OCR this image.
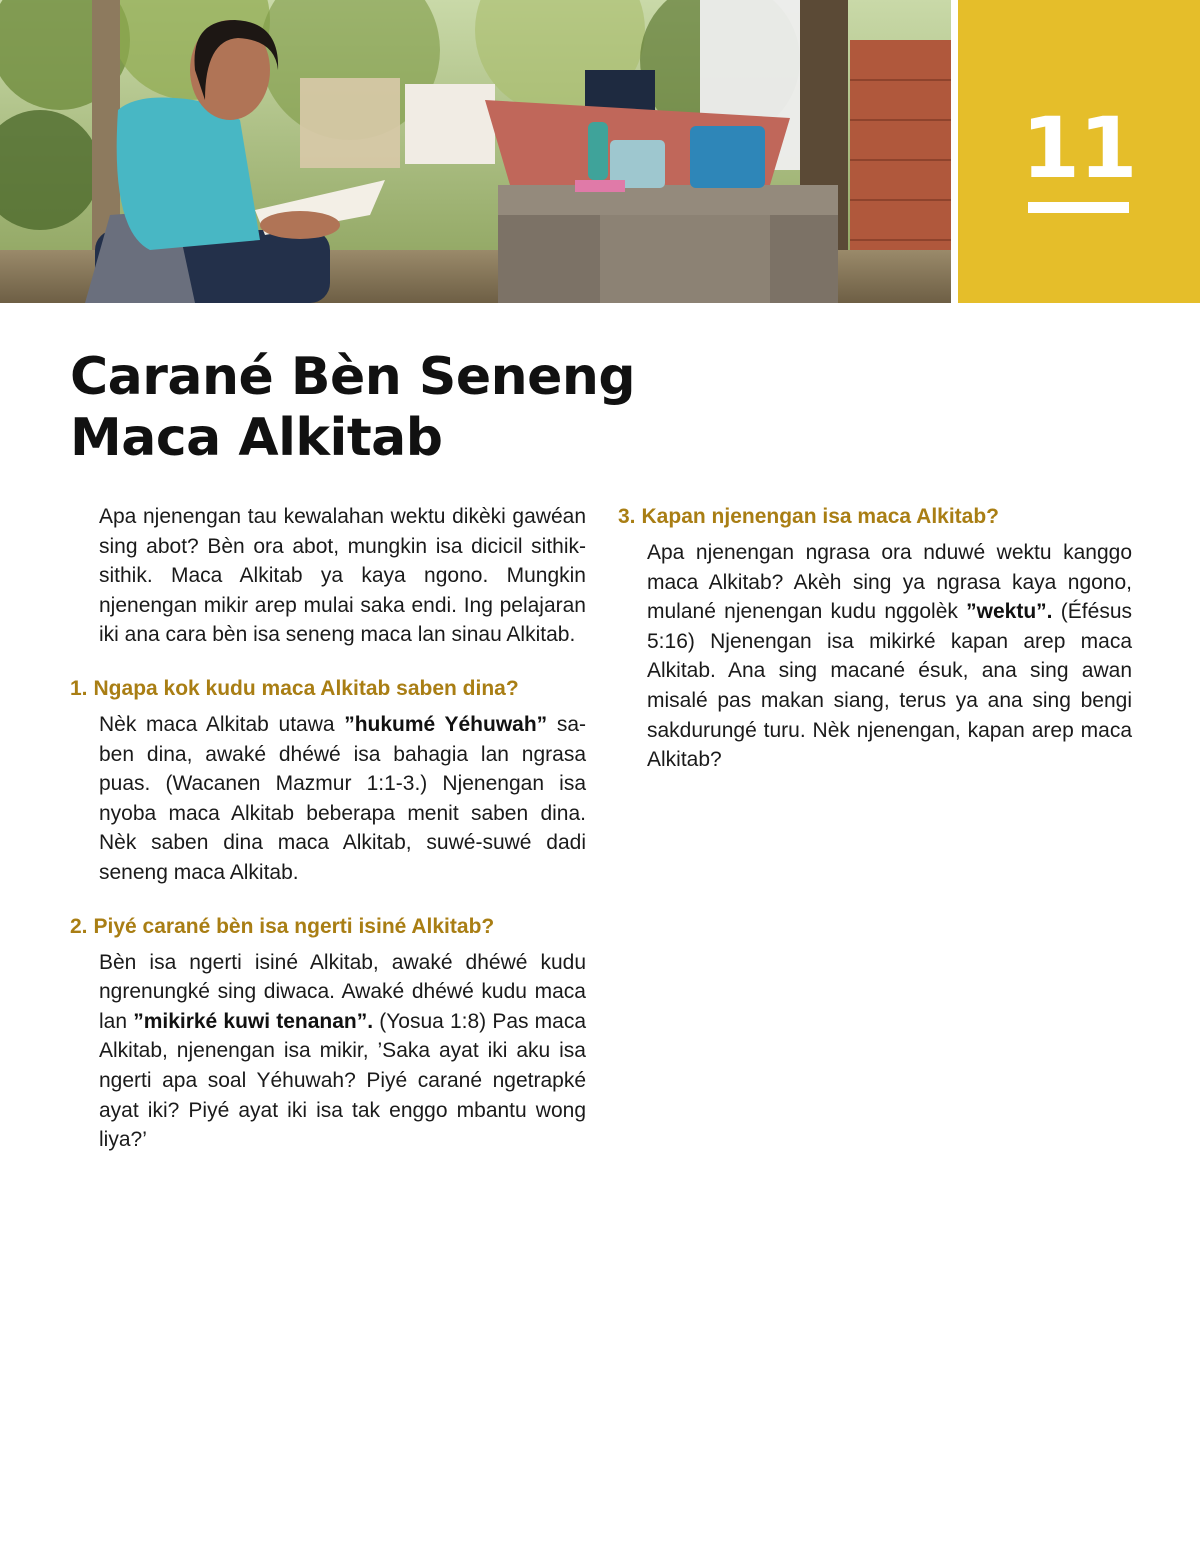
11
Carané Bèn Seneng
Maca Alkitab

Apa njenengan tau kewalahan wektu dikèki gawéan sing abot? Bèn ora abot, mungkin isa dicicil sithik-sithik. Maca Alkitab ya kaya ngono. Mungkin njenengan mikir arep mulai saka endi. Ing pelajaran iki ana cara bèn isa seneng maca lan sinau Alkitab.

1. Ngapa kok kudu maca Alkitab saben dina?

Nèk maca Alkitab utawa ”hukumé Yéhuwah” saben dina, awaké dhéwé isa bahagia lan ngrasa puas. (Wacanen Mazmur 1:1-3.) Njenengan isa nyoba maca Alkitab beberapa menit saben dina. Nèk saben dina maca Alkitab, suwé-suwé dadi seneng maca Alkitab.

2. Piyé carané bèn isa ngerti isiné Alkitab?

Bèn isa ngerti isiné Alkitab, awaké dhéwé kudu ngrenungké sing diwaca. Awaké dhéwé kudu maca lan ”mikirké kuwi tenanan”. (Yosua 1:8) Pas maca Alkitab, njenengan isa mikir, ’Saka ayat iki aku isa ngerti apa soal Yéhuwah? Piyé carané ngetrapké ayat iki? Piyé ayat iki isa tak enggo mbantu wong liya?’

3. Kapan njenengan isa maca Alkitab?

Apa njenengan ngrasa ora nduwé wektu kanggo maca Alkitab? Akèh sing ya ngrasa kaya ngono, mulané njenengan kudu nggolèk ”wektu”. (Éfésus 5:16) Njenengan isa mikirké kapan arep maca Alkitab. Ana sing macané ésuk, ana sing awan misalé pas makan siang, terus ya ana sing bengi sakdurungé turu. Nèk njenengan, kapan arep maca Alkitab?
